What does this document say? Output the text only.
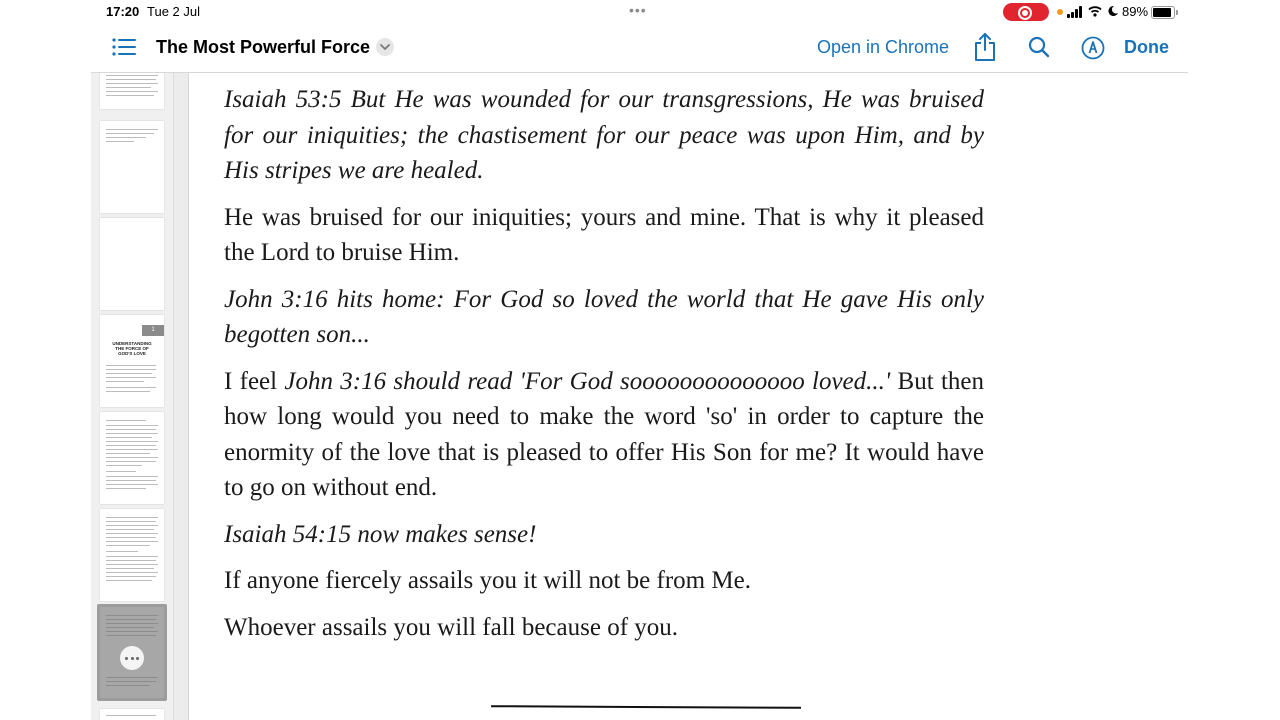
17:20 Tue 2 Jul	•••	89%
The Most Powerful Force	Open in Chrome	Done
1
UNDERSTANDING THE FORCE OF GOD'S LOVE

Isaiah 53:5 But He was wounded for our transgressions, He was bruised for our iniquities; the chastisement for our peace was upon Him, and by His stripes we are healed.

He was bruised for our iniquities; yours and mine. That is why it pleased the Lord to bruise Him.

John 3:16 hits home: For God so loved the world that He gave His only begotten son...

I feel John 3:16 should read 'For God soooooooooooooo loved...' But then how long would you need to make the word 'so' in order to capture the enormity of the love that is pleased to offer His Son for me? It would have to go on without end.

Isaiah 54:15 now makes sense!

If anyone fiercely assails you it will not be from Me.

Whoever assails you will fall because of you.
